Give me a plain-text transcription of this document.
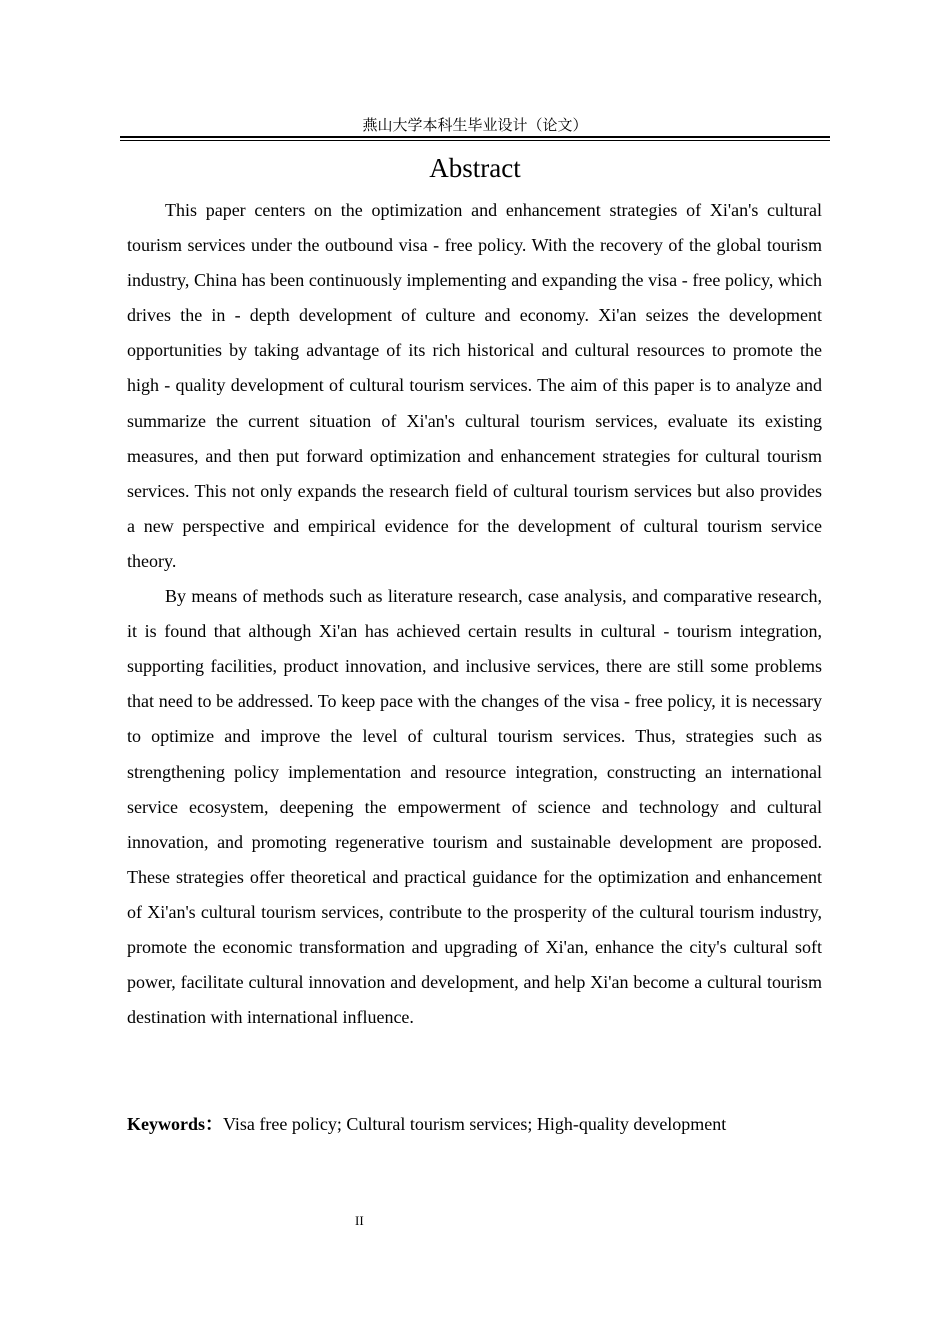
燕山大学本科生毕业设计（论文）
Abstract

This paper centers on the optimization and enhancement strategies of Xi'an's cultural tourism services under the outbound visa - free policy. With the recovery of the global tourism industry, China has been continuously implementing and expanding the visa - free policy, which drives the in - depth development of culture and economy. Xi'an seizes the development opportunities by taking advantage of its rich historical and cultural resources to promote the high - quality development of cultural tourism services. The aim of this paper is to analyze and summarize the current situation of Xi'an's cultural tourism services, evaluate its existing measures, and then put forward optimization and enhancement strategies for cultural tourism services. This not only expands the research field of cultural tourism services but also provides a new perspective and empirical evidence for the development of cultural tourism service theory.

By means of methods such as literature research, case analysis, and comparative research, it is found that although Xi'an has achieved certain results in cultural - tourism integration, supporting facilities, product innovation, and inclusive services, there are still some problems that need to be addressed. To keep pace with the changes of the visa - free policy, it is necessary to optimize and improve the level of cultural tourism services. Thus, strategies such as strengthening policy implementation and resource integration, constructing an international service ecosystem, deepening the empowerment of science and technology and cultural innovation, and promoting regenerative tourism and sustainable development are proposed. These strategies offer theoretical and practical guidance for the optimization and enhancement of Xi'an's cultural tourism services, contribute to the prosperity of the cultural tourism industry, promote the economic transformation and upgrading of Xi'an, enhance the city's cultural soft power, facilitate cultural innovation and development, and help Xi'an become a cultural tourism destination with international influence.

Keywords：Visa free policy; Cultural tourism services; High-quality development
II
